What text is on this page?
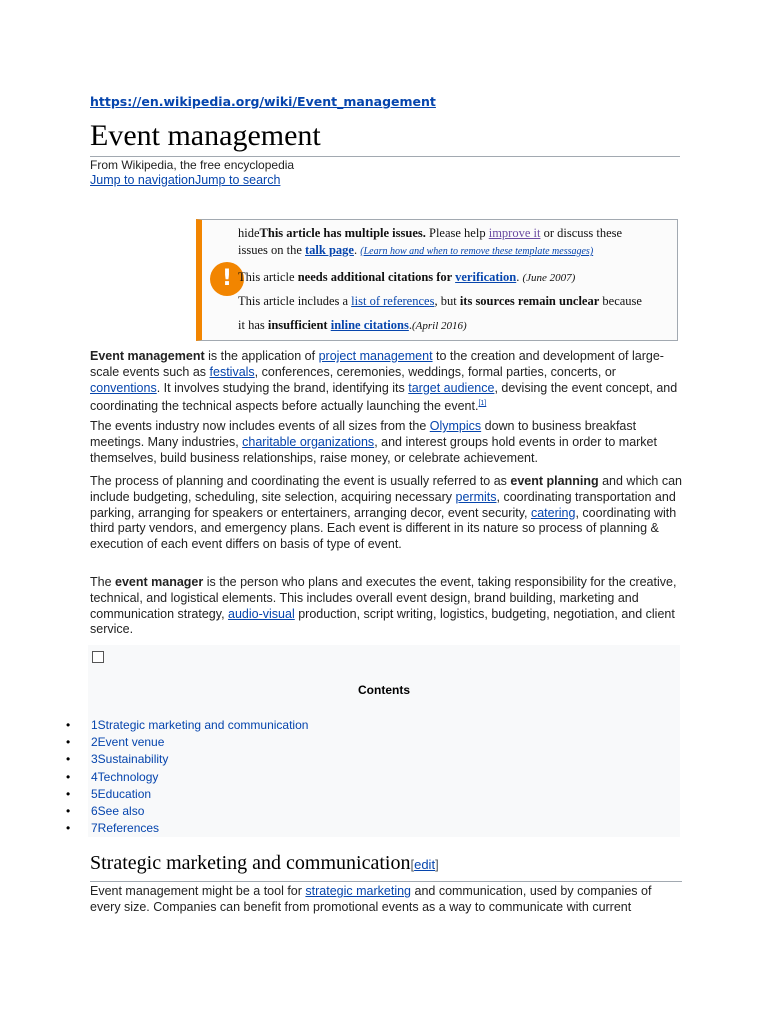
https://en.wikipedia.org/wiki/Event_management
Event management
From Wikipedia, the free encyclopedia
Jump to navigationJump to search
!
hideThis article has multiple issues. Please help improve it or discuss these
issues on the talk page. (Learn how and when to remove these template messages)
This article needs additional citations for verification. (June 2007)
This article includes a list of references, but its sources remain unclear because
it has insufficient inline citations.(April 2016)

Event management is the application of project management to the creation and development of large-scale events such as festivals, conferences, ceremonies, weddings, formal parties, concerts, or conventions. It involves studying the brand, identifying its target audience, devising the event concept, and coordinating the technical aspects before actually launching the event.[1]

The events industry now includes events of all sizes from the Olympics down to business breakfast meetings. Many industries, charitable organizations, and interest groups hold events in order to market themselves, build business relationships, raise money, or celebrate achievement.

The process of planning and coordinating the event is usually referred to as event planning and which can include budgeting, scheduling, site selection, acquiring necessary permits, coordinating transportation and parking, arranging for speakers or entertainers, arranging decor, event security, catering, coordinating with third party vendors, and emergency plans. Each event is different in its nature so process of planning & execution of each event differs on basis of type of event.

The event manager is the person who plans and executes the event, taking responsibility for the creative, technical, and logistical elements. This includes overall event design, brand building, marketing and communication strategy, audio-visual production, script writing, logistics, budgeting, negotiation, and client service.

Contents
• 1Strategic marketing and communication
• 2Event venue
• 3Sustainability
• 4Technology
• 5Education
• 6See also
• 7References
Strategic marketing and communication[edit]

Event management might be a tool for strategic marketing and communication, used by companies of every size. Companies can benefit from promotional events as a way to communicate with current
